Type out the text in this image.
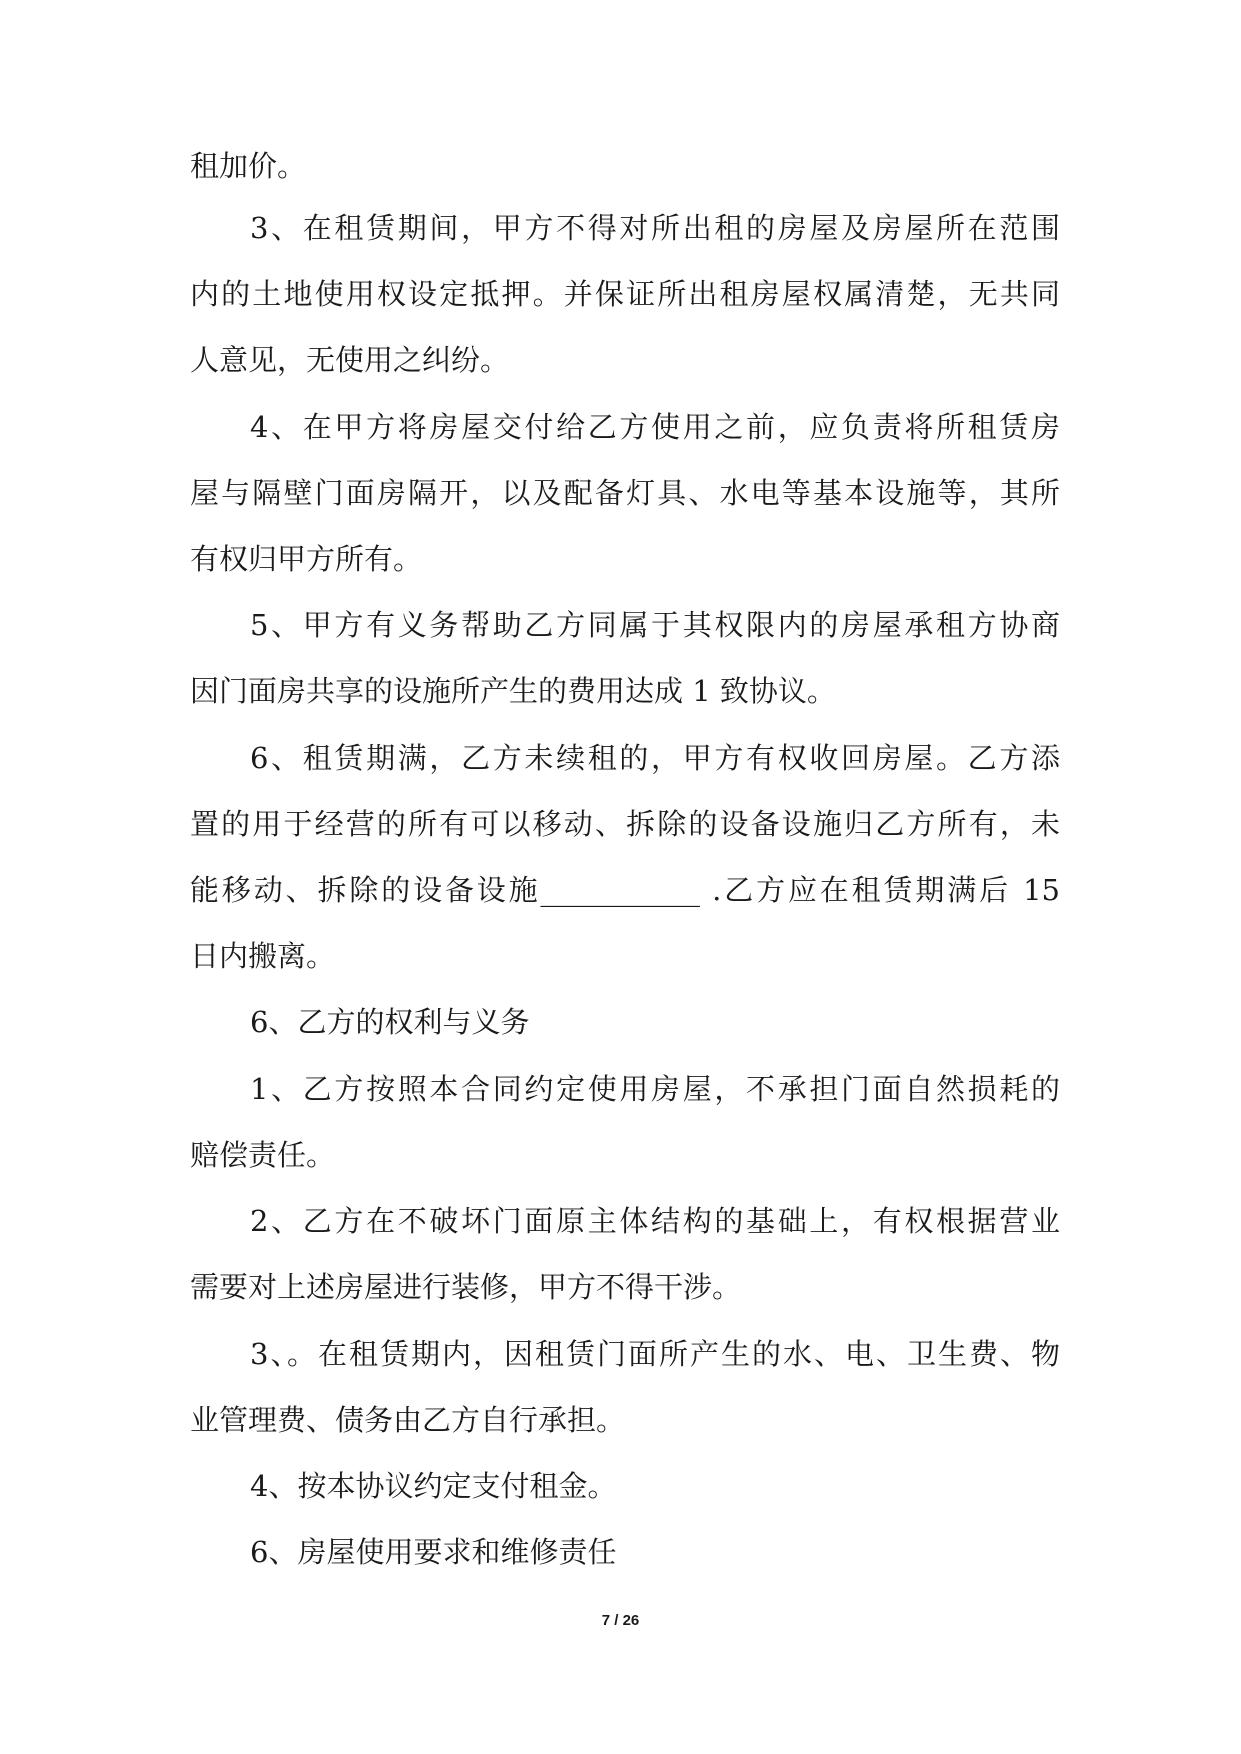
租加价。
3、在租赁期间，甲方不得对所出租的房屋及房屋所在范围
内的土地使用权设定抵押。并保证所出租房屋权属清楚，无共同
人意见，无使用之纠纷。
4、在甲方将房屋交付给乙方使用之前，应负责将所租赁房
屋与隔壁门面房隔开，以及配备灯具、水电等基本设施等，其所
有权归甲方所有。
5、甲方有义务帮助乙方同属于其权限内的房屋承租方协商
因门面房共享的设施所产生的费用达成 1 致协议。
6、租赁期满，乙方未续租的，甲方有权收回房屋。乙方添
置的用于经营的所有可以移动、拆除的设备设施归乙方所有，未
能移动、拆除的设备设施___________ .乙方应在租赁期满后 15
日内搬离。
6、乙方的权利与义务
1、乙方按照本合同约定使用房屋，不承担门面自然损耗的
赔偿责任。
2、乙方在不破坏门面原主体结构的基础上，有权根据营业
需要对上述房屋进行装修，甲方不得干涉。
3、。在租赁期内，因租赁门面所产生的水、电、卫生费、物
业管理费、债务由乙方自行承担。
4、按本协议约定支付租金。
6、房屋使用要求和维修责任
7 / 26
